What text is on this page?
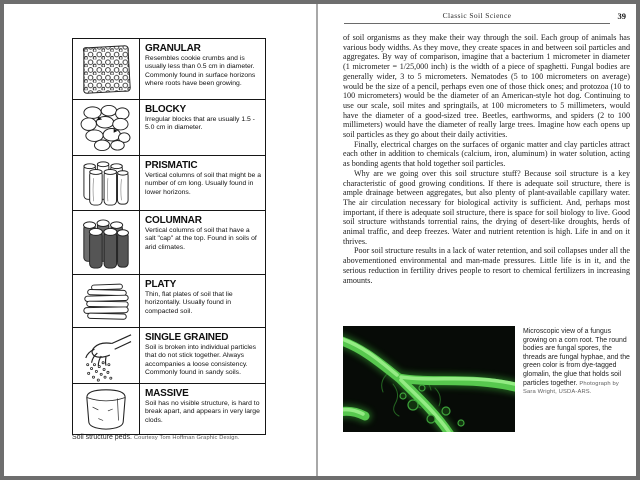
GRANULAR

Resembles cookie crumbs and is usually less than 0.5 cm in diameter. Commonly found in surface horizons where roots have been growing.

BLOCKY

Irregular blocks that are usually 1.5 - 5.0 cm in diameter.

PRISMATIC

Vertical columns of soil that might be a number of cm long. Usually found in lower horizons.

COLUMNAR

Vertical columns of soil that have a salt "cap" at the top. Found in soils of arid climates.

PLATY

Thin, flat plates of soil that lie horizontally. Usually found in compacted soil.

SINGLE GRAINED

Soil is broken into individual particles that do not stick together. Always accompanies a loose consistency. Commonly found in sandy soils.

MASSIVE

Soil has no visible structure, is hard to break apart, and appears in very large clods.

Soil structure peds. Courtesy Tom Hoffman Graphic Design.
Classic Soil Science	39

of soil organisms as they make their way through the soil. Each group of animals has various body widths. As they move, they create spaces in and between soil particles and aggregates. By way of comparison, imagine that a bacterium 1 micrometer in diameter (1 micrometer = 1/25,000 inch) is the width of a piece of spaghetti. Fungal bodies are generally wider, 3 to 5 micrometers. Nematodes (5 to 100 micrometers on average) would be the size of a pencil, perhaps even one of those thick ones; and protozoa (10 to 100 micrometers) would be the diameter of an American-style hot dog. Continuing to use our scale, soil mites and springtails, at 100 micrometers to 5 millimeters, would have the diameter of a good-sized tree. Beetles, earthworms, and spiders (2 to 100 millimeters) would have the diameter of really large trees. Imagine how each opens up soil particles as they go about their daily activities.

Finally, electrical charges on the surfaces of organic matter and clay particles attract each other in addition to chemicals (calcium, iron, aluminum) in water solution, acting as bonding agents that hold together soil particles.

Why are we going over this soil structure stuff? Because soil structure is a key characteristic of good growing conditions. If there is adequate soil structure, there is ample drainage between aggregates, but also plenty of plant-available capillary water. The air circulation necessary for biological activity is sufficient. And, perhaps most important, if there is adequate soil structure, there is space for soil biology to live. Good soil structure withstands torrential rains, the drying of desert-like droughts, herds of animal traffic, and deep freezes. Water and nutrient retention is high. Life in and on it thrives.

Poor soil structure results in a lack of water retention, and soil collapses under all the abovementioned environmental and man-made pressures. Little life is in it, and the serious reduction in fertility drives people to resort to chemical fertilizers in increasing amounts.

Microscopic view of a fungus growing on a corn root. The round bodies are fungal spores, the threads are fungal hyphae, and the green color is from dye-tagged glomalin, the glue that holds soil particles together. Photograph by Sara Wright, USDA-ARS.
